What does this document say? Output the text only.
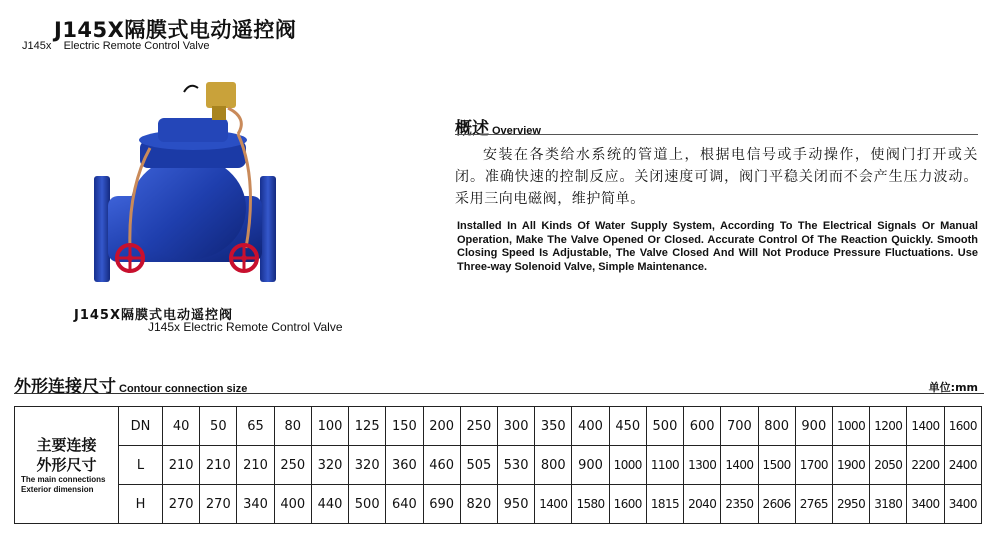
J145X隔膜式电动遥控阀
J145x    Electric Remote Control Valve
J145X隔膜式电动遥控阀
J145x Electric Remote Control Valve
概述 Overview
安装在各类给水系统的管道上，根据电信号或手动操作，使阀门打开或关闭。准确快速的控制反应。关闭速度可调，阀门平稳关闭而不会产生压力波动。采用三向电磁阀，维护简单。
Installed In All Kinds Of Water Supply System, According To The Electrical Signals Or Manual Operation, Make The Valve Opened Or Closed. Accurate Control Of The Reaction Quickly. Smooth Closing Speed Is Adjustable, The Valve Closed And Will Not Produce Pressure Fluctuations. Use Three-way Solenoid Valve, Simple Maintenance.
外形连接尺寸 Contour connection size	单位:mm
主要连接
外形尺寸
The main connections
Exterior dimension	DN	40	50	65	80	100	125	150	200	250	300	350	400	450	500	600	700	800	900	1000	1200	1400	1600
	L	210	210	210	250	320	320	360	460	505	530	800	900	1000	1100	1300	1400	1500	1700	1900	2050	2200	2400
	H	270	270	340	400	440	500	640	690	820	950	1400	1580	1600	1815	2040	2350	2606	2765	2950	3180	3400	3400
